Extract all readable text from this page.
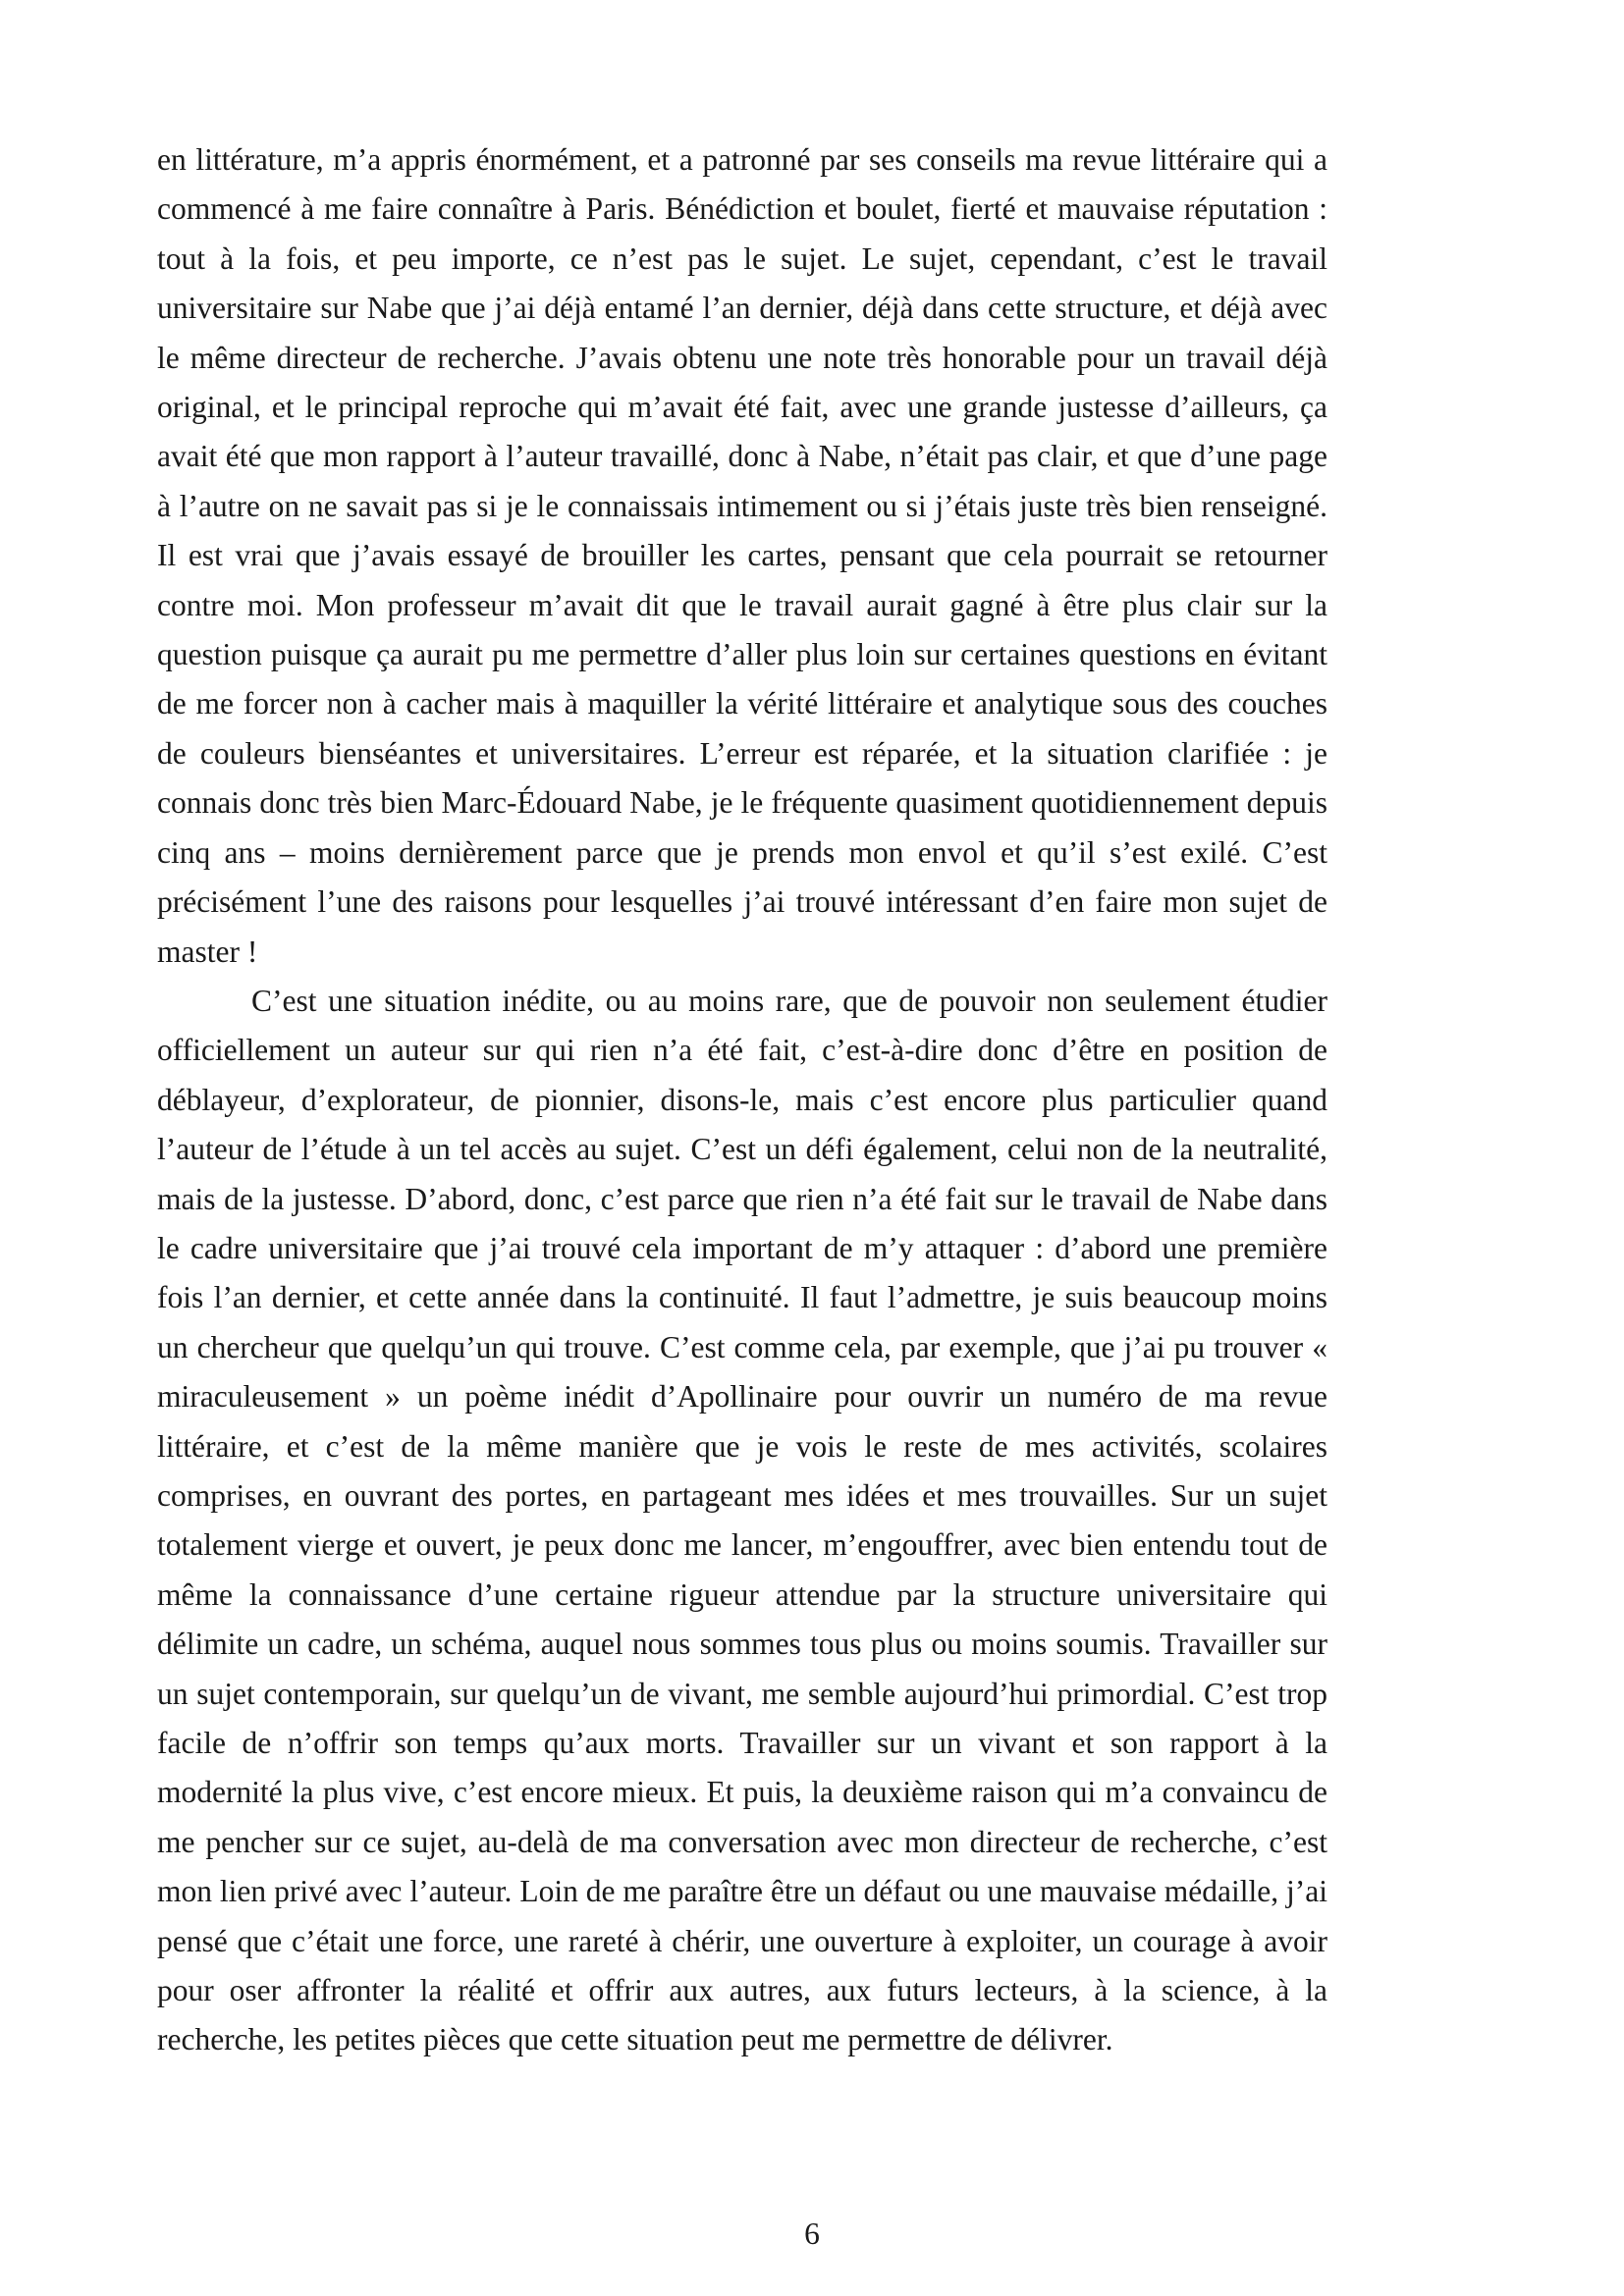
en littérature, m’a appris énormément, et a patronné par ses conseils ma revue littéraire qui a commencé à me faire connaître à Paris. Bénédiction et boulet, fierté et mauvaise réputation : tout à la fois, et peu importe, ce n’est pas le sujet. Le sujet, cependant, c’est le travail universitaire sur Nabe que j’ai déjà entamé l’an dernier, déjà dans cette structure, et déjà avec le même directeur de recherche. J’avais obtenu une note très honorable pour un travail déjà original, et le principal reproche qui m’avait été fait, avec une grande justesse d’ailleurs, ça avait été que mon rapport à l’auteur travaillé, donc à Nabe, n’était pas clair, et que d’une page à l’autre on ne savait pas si je le connaissais intimement ou si j’étais juste très bien renseigné. Il est vrai que j’avais essayé de brouiller les cartes, pensant que cela pourrait se retourner contre moi. Mon professeur m’avait dit que le travail aurait gagné à être plus clair sur la question puisque ça aurait pu me permettre d’aller plus loin sur certaines questions en évitant de me forcer non à cacher mais à maquiller la vérité littéraire et analytique sous des couches de couleurs bienséantes et universitaires. L’erreur est réparée, et la situation clarifiée : je connais donc très bien Marc-Édouard Nabe, je le fréquente quasiment quotidiennement depuis cinq ans – moins dernièrement parce que je prends mon envol et qu’il s’est exilé. C’est précisément l’une des raisons pour lesquelles j’ai trouvé intéressant d’en faire mon sujet de master !

C’est une situation inédite, ou au moins rare, que de pouvoir non seulement étudier officiellement un auteur sur qui rien n’a été fait, c’est-à-dire donc d’être en position de déblayeur, d’explorateur, de pionnier, disons-le, mais c’est encore plus particulier quand l’auteur de l’étude à un tel accès au sujet. C’est un défi également, celui non de la neutralité, mais de la justesse. D’abord, donc, c’est parce que rien n’a été fait sur le travail de Nabe dans le cadre universitaire que j’ai trouvé cela important de m’y attaquer : d’abord une première fois l’an dernier, et cette année dans la continuité. Il faut l’admettre, je suis beaucoup moins un chercheur que quelqu’un qui trouve. C’est comme cela, par exemple, que j’ai pu trouver « miraculeusement » un poème inédit d’Apollinaire pour ouvrir un numéro de ma revue littéraire, et c’est de la même manière que je vois le reste de mes activités, scolaires comprises, en ouvrant des portes, en partageant mes idées et mes trouvailles. Sur un sujet totalement vierge et ouvert, je peux donc me lancer, m’engouffrer, avec bien entendu tout de même la connaissance d’une certaine rigueur attendue par la structure universitaire qui délimite un cadre, un schéma, auquel nous sommes tous plus ou moins soumis. Travailler sur un sujet contemporain, sur quelqu’un de vivant, me semble aujourd’hui primordial. C’est trop facile de n’offrir son temps qu’aux morts. Travailler sur un vivant et son rapport à la modernité la plus vive, c’est encore mieux. Et puis, la deuxième raison qui m’a convaincu de me pencher sur ce sujet, au-delà de ma conversation avec mon directeur de recherche, c’est mon lien privé avec l’auteur. Loin de me paraître être un défaut ou une mauvaise médaille, j’ai pensé que c’était une force, une rareté à chérir, une ouverture à exploiter, un courage à avoir pour oser affronter la réalité et offrir aux autres, aux futurs lecteurs, à la science, à la recherche, les petites pièces que cette situation peut me permettre de délivrer.

6
